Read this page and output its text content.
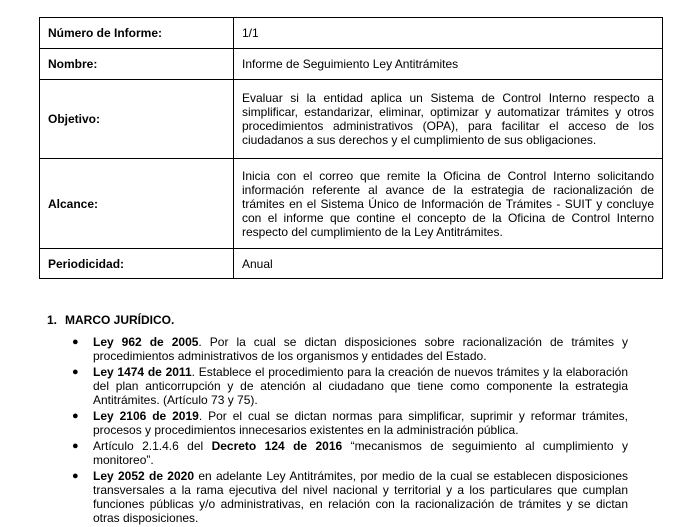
Número de Informe:	1/1
Nombre:	Informe de Seguimiento Ley Antitrámites
Objetivo:	Evaluar si la entidad aplica un Sistema de Control Interno respecto a simplificar, estandarizar, eliminar, optimizar y automatizar trámites y otros procedimientos administrativos (OPA), para facilitar el acceso de los ciudadanos a sus derechos y el cumplimiento de sus obligaciones.
Alcance:	Inicia con el correo que remite la Oficina de Control Interno solicitando información referente al avance de la estrategia de racionalización de trámites en el Sistema Único de Información de Trámites - SUIT y concluye con el informe que contine el concepto de la Oficina de Control Interno respecto del cumplimiento de la Ley Antitrámites.
Periodicidad:	Anual
1. MARCO JURÍDICO.
● Ley 962 de 2005. Por la cual se dictan disposiciones sobre racionalización de trámites y procedimientos administrativos de los organismos y entidades del Estado.
● Ley 1474 de 2011. Establece el procedimiento para la creación de nuevos trámites y la elaboración del plan anticorrupción y de atención al ciudadano que tiene como componente la estrategia Antitrámites. (Artículo 73 y 75).
● Ley 2106 de 2019. Por el cual se dictan normas para simplificar, suprimir y reformar trámites, procesos y procedimientos innecesarios existentes en la administración pública.
● Artículo 2.1.4.6 del Decreto 124 de 2016 “mecanismos de seguimiento al cumplimiento y monitoreo”.
● Ley 2052 de 2020 en adelante Ley Antitrámites, por medio de la cual se establecen disposiciones transversales a la rama ejecutiva del nivel nacional y territorial y a los particulares que cumplan funciones públicas y/o administrativas, en relación con la racionalización de trámites y se dictan otras disposiciones.
